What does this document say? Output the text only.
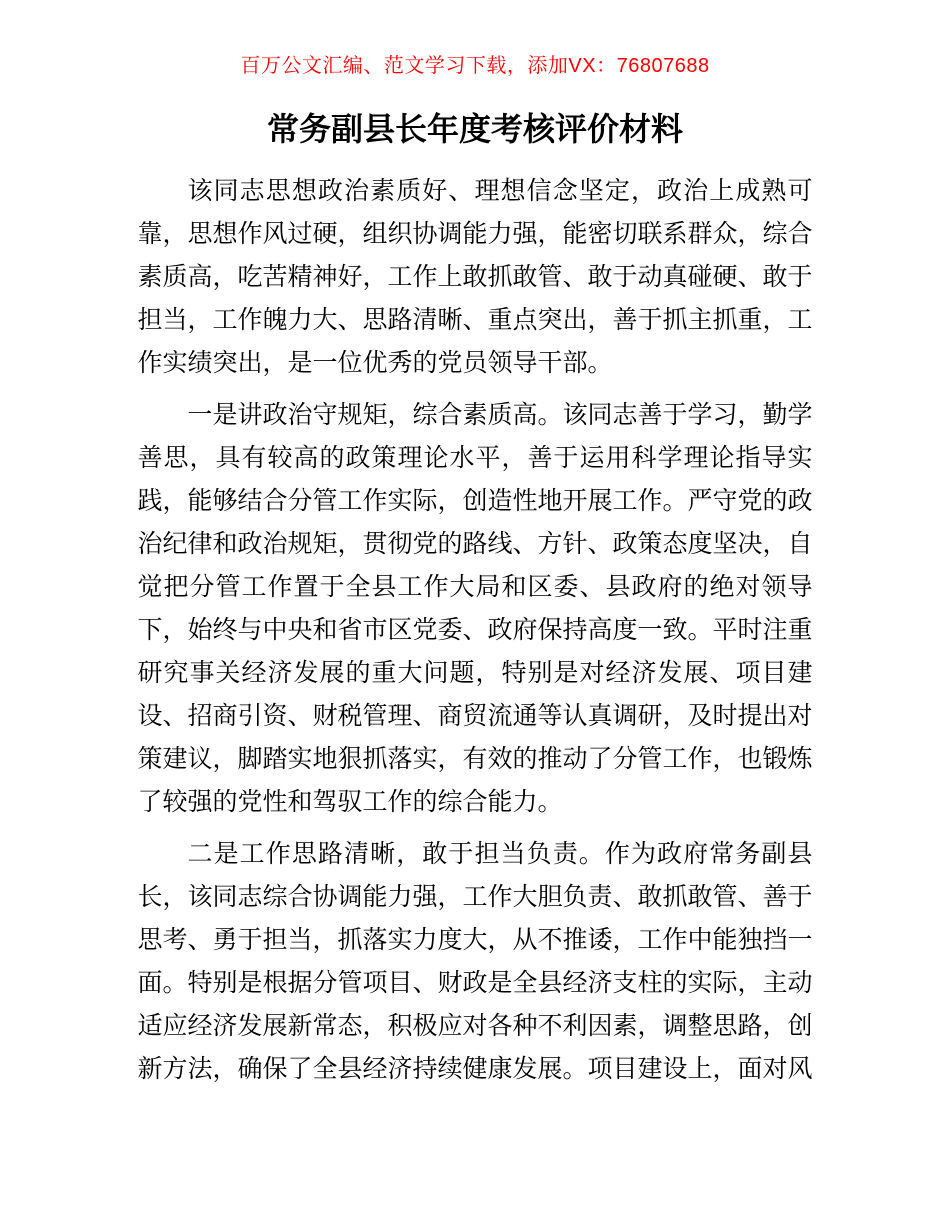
百万公文汇编、范文学习下载，添加VX：76807688
常务副县长年度考核评价材料

该同志思想政治素质好、理想信念坚定，政治上成熟可靠，思想作风过硬，组织协调能力强，能密切联系群众，综合素质高，吃苦精神好，工作上敢抓敢管、敢于动真碰硬、敢于担当，工作魄力大、思路清晰、重点突出，善于抓主抓重，工作实绩突出，是一位优秀的党员领导干部。

一是讲政治守规矩，综合素质高。该同志善于学习，勤学善思，具有较高的政策理论水平，善于运用科学理论指导实践，能够结合分管工作实际，创造性地开展工作。严守党的政治纪律和政治规矩，贯彻党的路线、方针、政策态度坚决，自觉把分管工作置于全县工作大局和区委、县政府的绝对领导下，始终与中央和省市区党委、政府保持高度一致。平时注重研究事关经济发展的重大问题，特别是对经济发展、项目建设、招商引资、财税管理、商贸流通等认真调研，及时提出对策建议，脚踏实地狠抓落实，有效的推动了分管工作，也锻炼了较强的党性和驾驭工作的综合能力。

二是工作思路清晰，敢于担当负责。作为政府常务副县长，该同志综合协调能力强，工作大胆负责、敢抓敢管、善于思考、勇于担当，抓落实力度大，从不推诿，工作中能独挡一面。特别是根据分管项目、财政是全县经济支柱的实际，主动适应经济发展新常态，积极应对各种不利因素，调整思路，创新方法，确保了全县经济持续健康发展。项目建设上，面对风
